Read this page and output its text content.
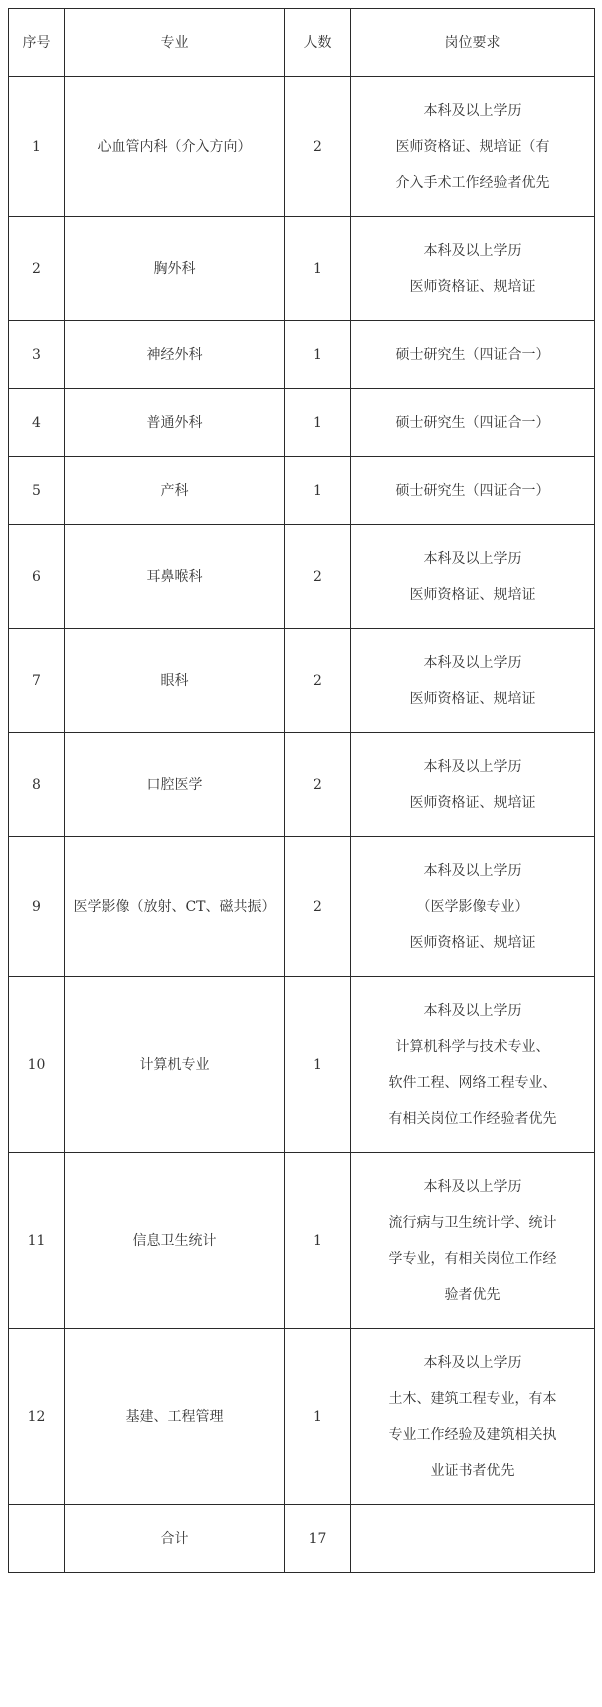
序号	专业	人数	岗位要求
1	心血管内科（介入方向）	2	本科及以上学历
医师资格证、规培证（有
介入手术工作经验者优先

2	胸外科	1	本科及以上学历
医师资格证、规培证

3	神经外科	1	硕士研究生（四证合一）

4	普通外科	1	硕士研究生（四证合一）

5	产科	1	硕士研究生（四证合一）

6	耳鼻喉科	2	本科及以上学历
医师资格证、规培证

7	眼科	2	本科及以上学历
医师资格证、规培证

8	口腔医学	2	本科及以上学历
医师资格证、规培证

9	医学影像（放射、CT、磁共振）	2	本科及以上学历
（医学影像专业）
医师资格证、规培证

10	计算机专业	1	本科及以上学历
计算机科学与技术专业、
软件工程、网络工程专业、
有相关岗位工作经验者优先

11	信息卫生统计	1	本科及以上学历
流行病与卫生统计学、统计
学专业，有相关岗位工作经
验者优先

12	基建、工程管理	1	本科及以上学历
土木、建筑工程专业，有本
专业工作经验及建筑相关执
业证书者优先

	合计	17	
